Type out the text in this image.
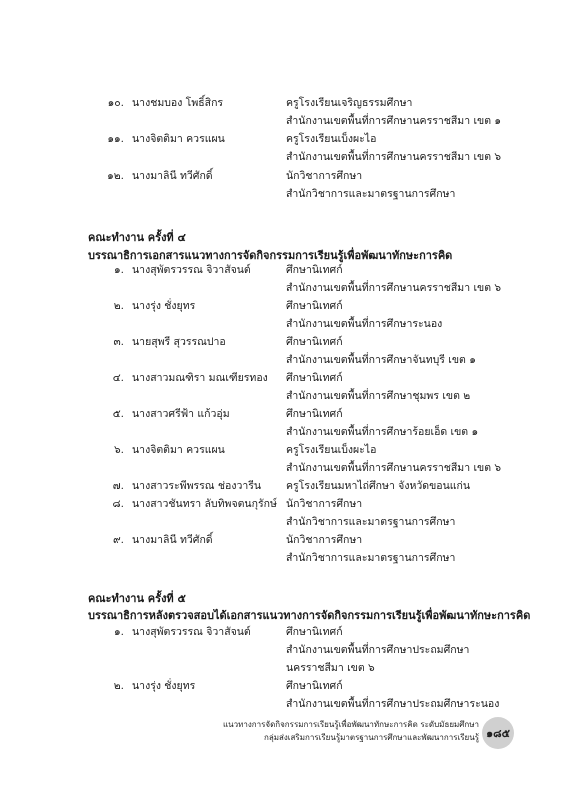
๑๐. นางชมบอง โพธิ์สิกร	ครูโรงเรียนเจริญธรรมศึกษา
สำนักงานเขตพื้นที่การศึกษานครราชสีมา เขต ๑
๑๑. นางจิตติมา ควรแผน	ครูโรงเรียนเบ็งผะไอ
สำนักงานเขตพื้นที่การศึกษานครราชสีมา เขต ๖
๑๒. นางมาลินี ทวีศักดิ์	นักวิชาการศึกษา
สำนักวิชาการและมาตรฐานการศึกษา
คณะทำงาน ครั้งที่ ๔
บรรณาธิการเอกสารแนวทางการจัดกิจกรรมการเรียนรู้เพื่อพัฒนาทักษะการคิด
๑. นางสุพัตรวรรณ จิวาสัจนต์	ศึกษานิเทศก์
สำนักงานเขตพื้นที่การศึกษานครราชสีมา เขต ๖
๒. นางรุ่ง ชั่งยุทร	ศึกษานิเทศก์
สำนักงานเขตพื้นที่การศึกษาระนอง
๓. นายสุพรี สุวรรณปาอ	ศึกษานิเทศก์
สำนักงานเขตพื้นที่การศึกษาจันทบุรี เขต ๑
๔. นางสาวมณฑิรา มณเฑียรทอง ศึกษานิเทศก์
สำนักงานเขตพื้นที่การศึกษาชุมพร เขต ๒
๕. นางสาวศรีฟ้า แก้วอุ่ม	ศึกษานิเทศก์
สำนักงานเขตพื้นที่การศึกษาร้อยเอ็ด เขต ๑
๖. นางจิตติมา ควรแผน	ครูโรงเรียนเบ็งผะไอ
สำนักงานเขตพื้นที่การศึกษานครราชสีมา เขต ๖
๗. นางสาวระพีพรรณ ช่องวารีน ครูโรงเรียนมหาไถ่ศึกษา จังหวัดขอนแก่น
๘. นางสาวชันทรา ลับทิพจตนกุรักษ์ นักวิชาการศึกษา
สำนักวิชาการและมาตรฐานการศึกษา
๙. นางมาลินี ทวีศักดิ์	นักวิชาการศึกษา
สำนักวิชาการและมาตรฐานการศึกษา
คณะทำงาน ครั้งที่ ๕
บรรณาธิการหลังตรวจสอบได้เอกสารแนวทางการจัดกิจกรรมการเรียนรู้เพื่อพัฒนาทักษะการคิด
๑. นางสุพัตรวรรณ จิวาสัจนต์	ศึกษานิเทศก์
สำนักงานเขตพื้นที่การศึกษาประถมศึกษา
นครราชสีมา เขต ๖
๒. นางรุ่ง ชั่งยุทร	ศึกษานิเทศก์
สำนักงานเขตพื้นที่การศึกษาประถมศึกษาระนอง
แนวทางการจัดกิจกรรมการเรียนรู้เพื่อพัฒนาทักษะการคิด ระดับมัธยมศึกษา
กลุ่มส่งเสริมการเรียนรู้มาตรฐานการศึกษาและพัฒนาการเรียนรู้ ๑๘๕
